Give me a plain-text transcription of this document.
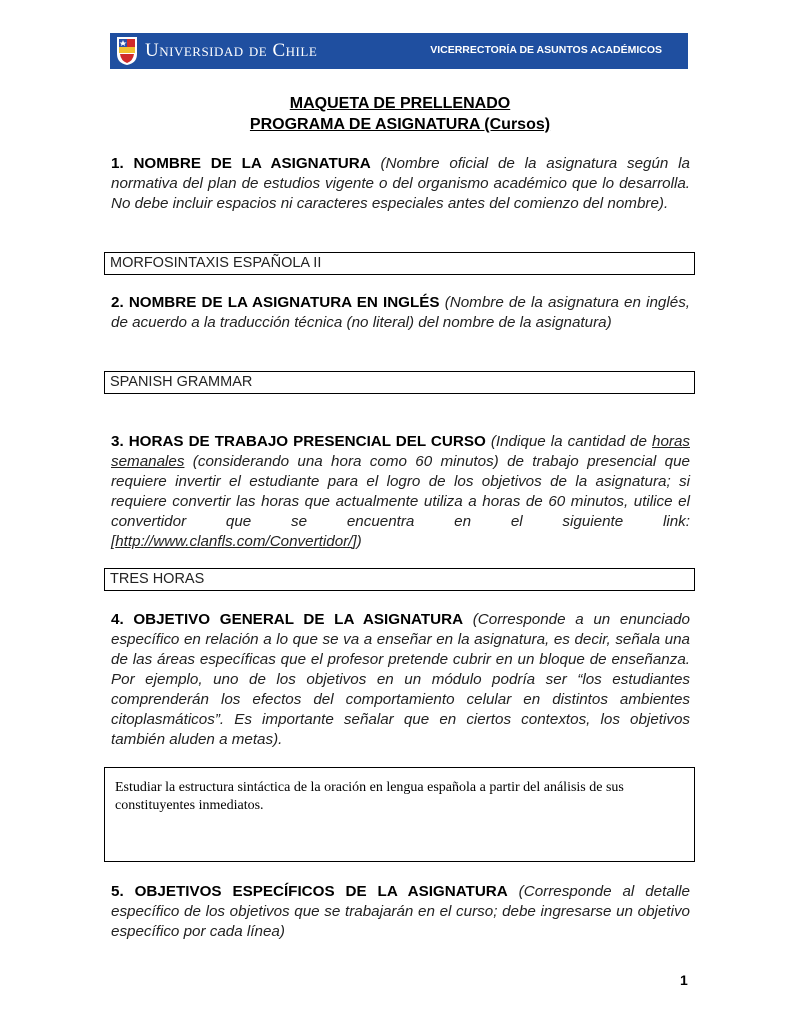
Universidad de Chile	VICERRECTORÍA DE ASUNTOS ACADÉMICOS
MAQUETA DE PRELLENADO
PROGRAMA DE ASIGNATURA (Cursos)
1. NOMBRE DE LA ASIGNATURA (Nombre oficial de la asignatura según la normativa del plan de estudios vigente o del organismo académico que lo desarrolla. No debe incluir espacios ni caracteres especiales antes del comienzo del nombre).
MORFOSINTAXIS ESPAÑOLA II
2. NOMBRE DE LA ASIGNATURA EN INGLÉS (Nombre de la asignatura en inglés, de acuerdo a la traducción técnica (no literal) del nombre de la asignatura)
SPANISH GRAMMAR
3. HORAS DE TRABAJO PRESENCIAL DEL CURSO (Indique la cantidad de horas semanales (considerando una hora como 60 minutos) de trabajo presencial que requiere invertir el estudiante para el logro de los objetivos de la asignatura; si requiere convertir las horas que actualmente utiliza a horas de 60 minutos, utilice el convertidor que se encuentra en el siguiente link: [http://www.clanfls.com/Convertidor/])
TRES HORAS
4. OBJETIVO GENERAL DE LA ASIGNATURA (Corresponde a un enunciado específico en relación a lo que se va a enseñar en la asignatura, es decir, señala una de las áreas específicas que el profesor pretende cubrir en un bloque de enseñanza. Por ejemplo, uno de los objetivos en un módulo podría ser “los estudiantes comprenderán los efectos del comportamiento celular en distintos ambientes citoplasmáticos”. Es importante señalar que en ciertos contextos, los objetivos también aluden a metas).
Estudiar la estructura sintáctica de la oración en lengua española a partir del análisis de sus constituyentes inmediatos.
5. OBJETIVOS ESPECÍFICOS DE LA ASIGNATURA (Corresponde al detalle específico de los objetivos que se trabajarán en el curso; debe ingresarse un objetivo específico por cada línea)
1
